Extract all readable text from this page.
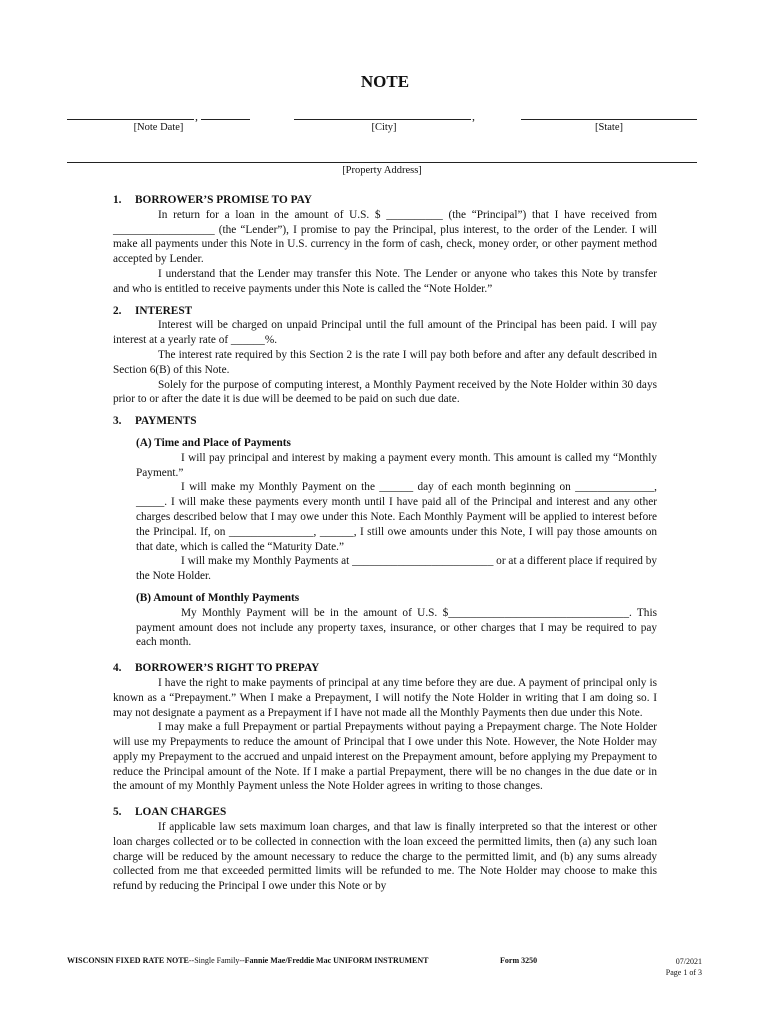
NOTE
,	,
[Note Date]	[City]	[State]
[Property Address]

1. BORROWER’S PROMISE TO PAY

In return for a loan in the amount of U.S. $ __________ (the “Principal”) that I have received from __________________ (the “Lender”), I promise to pay the Principal, plus interest, to the order of the Lender. I will make all payments under this Note in U.S. currency in the form of cash, check, money order, or other payment method accepted by Lender.

I understand that the Lender may transfer this Note. The Lender or anyone who takes this Note by transfer and who is entitled to receive payments under this Note is called the “Note Holder.”

2. INTEREST

Interest will be charged on unpaid Principal until the full amount of the Principal has been paid. I will pay interest at a yearly rate of ______%.

The interest rate required by this Section 2 is the rate I will pay both before and after any default described in Section 6(B) of this Note.

Solely for the purpose of computing interest, a Monthly Payment received by the Note Holder within 30 days prior to or after the date it is due will be deemed to be paid on such due date.

3. PAYMENTS

(A) Time and Place of Payments

I will pay principal and interest by making a payment every month. This amount is called my “Monthly Payment.”

I will make my Monthly Payment on the ______ day of each month beginning on ______________, _____. I will make these payments every month until I have paid all of the Principal and interest and any other charges described below that I may owe under this Note. Each Monthly Payment will be applied to interest before the Principal. If, on _______________, ______, I still owe amounts under this Note, I will pay those amounts on that date, which is called the “Maturity Date.”

I will make my Monthly Payments at _________________________ or at a different place if required by the Note Holder.

(B) Amount of Monthly Payments

My Monthly Payment will be in the amount of U.S. $________________________________. This payment amount does not include any property taxes, insurance, or other charges that I may be required to pay each month.

4. BORROWER’S RIGHT TO PREPAY

I have the right to make payments of principal at any time before they are due. A payment of principal only is known as a “Prepayment.” When I make a Prepayment, I will notify the Note Holder in writing that I am doing so. I may not designate a payment as a Prepayment if I have not made all the Monthly Payments then due under this Note.

I may make a full Prepayment or partial Prepayments without paying a Prepayment charge. The Note Holder will use my Prepayments to reduce the amount of Principal that I owe under this Note. However, the Note Holder may apply my Prepayment to the accrued and unpaid interest on the Prepayment amount, before applying my Prepayment to reduce the Principal amount of the Note. If I make a partial Prepayment, there will be no changes in the due date or in the amount of my Monthly Payment unless the Note Holder agrees in writing to those changes.

5. LOAN CHARGES

If applicable law sets maximum loan charges, and that law is finally interpreted so that the interest or other loan charges collected or to be collected in connection with the loan exceed the permitted limits, then (a) any such loan charge will be reduced by the amount necessary to reduce the charge to the permitted limit, and (b) any sums already collected from me that exceeded permitted limits will be refunded to me. The Note Holder may choose to make this refund by reducing the Principal I owe under this Note or by

WISCONSIN FIXED RATE NOTE--Single Family--Fannie Mae/Freddie Mac UNIFORM INSTRUMENT	Form 3250	07/2021
Page 1 of 3
